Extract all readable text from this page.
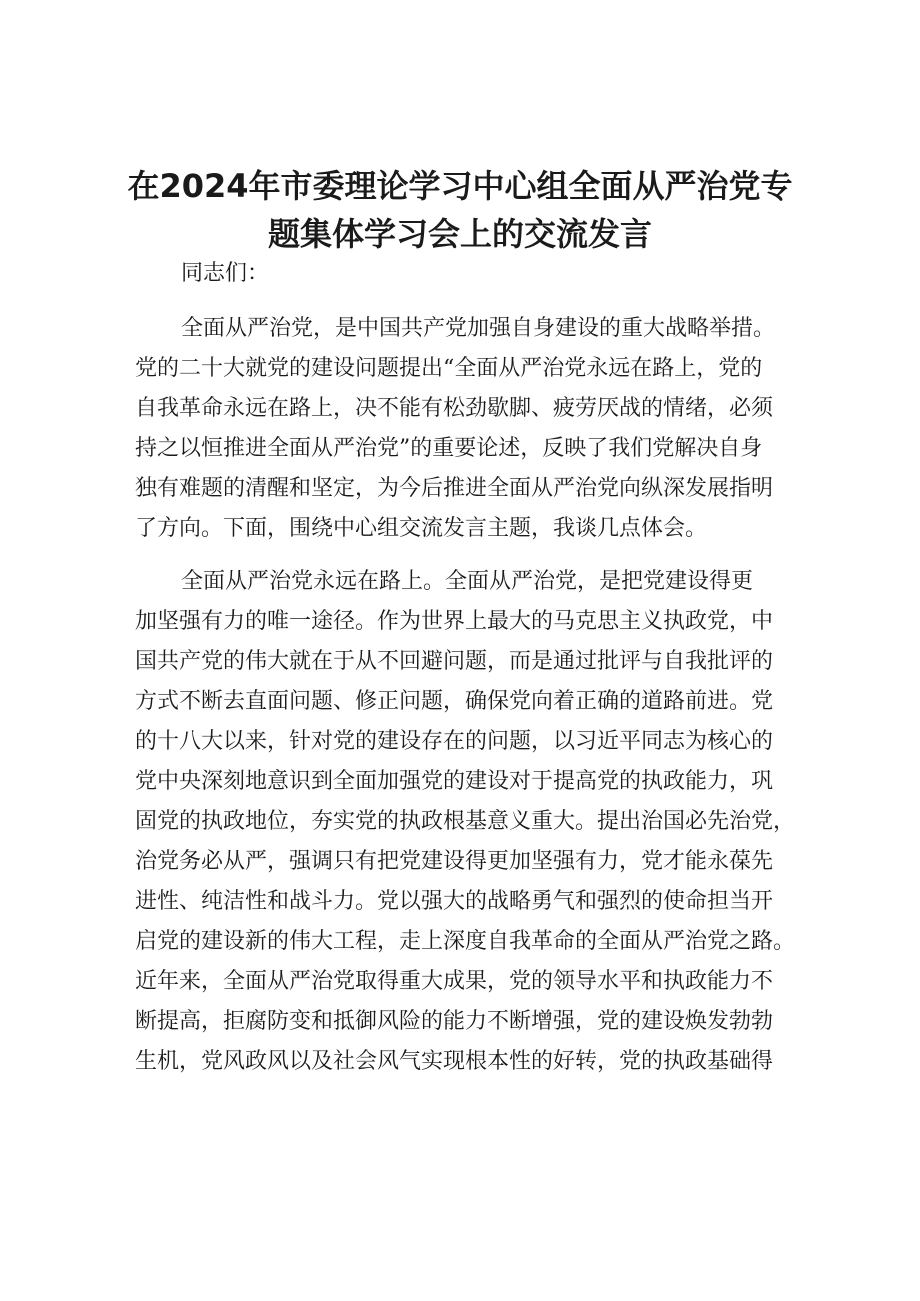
在2024年市委理论学习中心组全面从严治党专
题集体学习会上的交流发言

同志们：

全面从严治党，是中国共产党加强自身建设的重大战略举措。
党的二十大就党的建设问题提出“全面从严治党永远在路上，党的
自我革命永远在路上，决不能有松劲歇脚、疲劳厌战的情绪，必须
持之以恒推进全面从严治党”的重要论述，反映了我们党解决自身
独有难题的清醒和坚定，为今后推进全面从严治党向纵深发展指明
了方向。下面，围绕中心组交流发言主题，我谈几点体会。
全面从严治党永远在路上。全面从严治党，是把党建设得更
加坚强有力的唯一途径。作为世界上最大的马克思主义执政党，中
国共产党的伟大就在于从不回避问题，而是通过批评与自我批评的
方式不断去直面问题、修正问题，确保党向着正确的道路前进。党
的十八大以来，针对党的建设存在的问题，以习近平同志为核心的
党中央深刻地意识到全面加强党的建设对于提高党的执政能力，巩
固党的执政地位，夯实党的执政根基意义重大。提出治国必先治党，
治党务必从严，强调只有把党建设得更加坚强有力，党才能永葆先
进性、纯洁性和战斗力。党以强大的战略勇气和强烈的使命担当开
启党的建设新的伟大工程，走上深度自我革命的全面从严治党之路。
近年来，全面从严治党取得重大成果，党的领导水平和执政能力不
断提高，拒腐防变和抵御风险的能力不断增强，党的建设焕发勃勃
生机，党风政风以及社会风气实现根本性的好转，党的执政基础得
